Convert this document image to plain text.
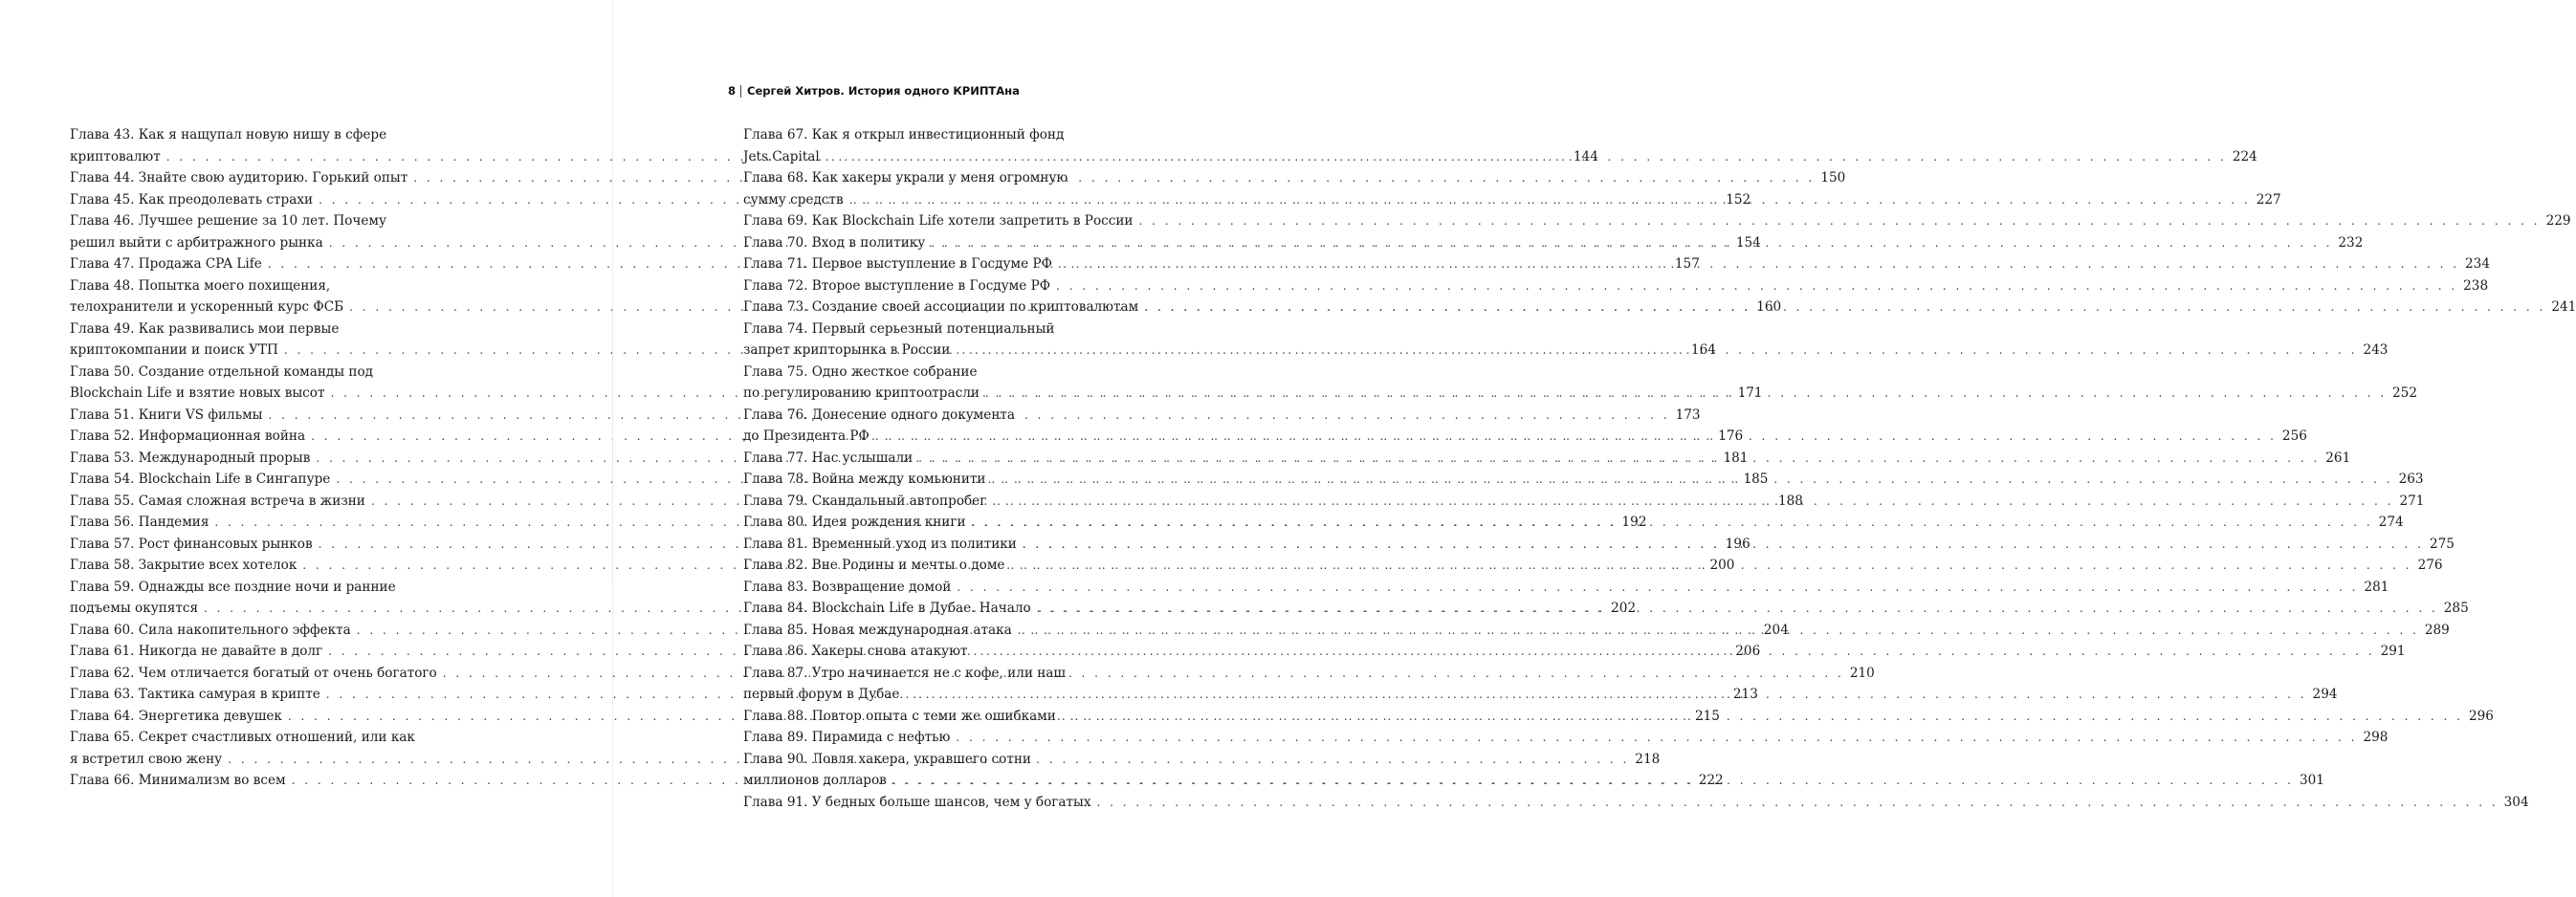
Глава 43. Как я нащупал новую нишу в сфере
криптовалют . . .	144
Глава 44. Знайте свою аудиторию. Горький опыт . . .	150
Глава 45. Как преодолевать страхи . . .	152
Глава 46. Лучшее решение за 10 лет. Почему
решил выйти с арбитражного рынка . . .	154
Глава 47. Продажа CPA Life . . .	157
Глава 48. Попытка моего похищения,
телохранители и ускоренный курс ФСБ . . .	160
Глава 49. Как развивались мои первые
криптокомпании и поиск УТП . . .	164
Глава 50. Создание отдельной команды под
Blockchain Life и взятие новых высот . . .	171
Глава 51. Книги VS фильмы . . .	173
Глава 52. Информационная война . . .	176
Глава 53. Международный прорыв . . .	181
Глава 54. Blockchain Life в Сингапуре . . .	185
Глава 55. Самая сложная встреча в жизни . . .	188
Глава 56. Пандемия . . .	192
Глава 57. Рост финансовых рынков . . .	196
Глава 58. Закрытие всех хотелок . . .	200
Глава 59. Однажды все поздние ночи и ранние
подъемы окупятся . . .	202
Глава 60. Сила накопительного эффекта . . .	204
Глава 61. Никогда не давайте в долг . . .	206
Глава 62. Чем отличается богатый от очень богатого . . .	210
Глава 63. Тактика самурая в крипте . . .	213
Глава 64. Энергетика девушек . . .	215
Глава 65. Секрет счастливых отношений, или как
я встретил свою жену . . .	218
Глава 66. Минимализм во всем . . .	222
8 Сергей Хитров. История одного КРИПТАна
Глава 67. Как я открыл инвестиционный фонд
Jets.Capital . . .	224
Глава 68. Как хакеры украли у меня огромную
сумму средств . . .	227
Глава 69. Как Blockchain Life хотели запретить в России . . .	229
Глава 70. Вход в политику . . .	232
Глава 71. Первое выступление в Госдуме РФ . . .	234
Глава 72. Второе выступление в Госдуме РФ . . .	238
Глава 73. Создание своей ассоциации по криптовалютам . . .	241
Глава 74. Первый серьезный потенциальный
запрет крипторынка в России . . .	243
Глава 75. Одно жесткое собрание
по регулированию криптоотрасли . . .	252
Глава 76. Донесение одного документа
до Президента РФ . . .	256
Глава 77. Нас услышали . . .	261
Глава 78. Война между комьюнити . . .	263
Глава 79. Скандальный автопробег . . .	271
Глава 80. Идея рождения книги . . .	274
Глава 81. Временный уход из политики . . .	275
Глава 82. Вне Родины и мечты о доме . . .	276
Глава 83. Возвращение домой . . .	281
Глава 84. Blockchain Life в Дубае. Начало . . .	285
Глава 85. Новая международная атака . . .	289
Глава 86. Хакеры снова атакуют . . .	291
Глава 87. Утро начинается не с кофе, или наш
первый форум в Дубае . . .	294
Глава 88. Повтор опыта с теми же ошибками . . .	296
Глава 89. Пирамида с нефтью . . .	298
Глава 90. Ловля хакера, укравшего сотни
миллионов долларов . . .	301
Глава 91. У бедных больше шансов, чем у богатых . . .	304
